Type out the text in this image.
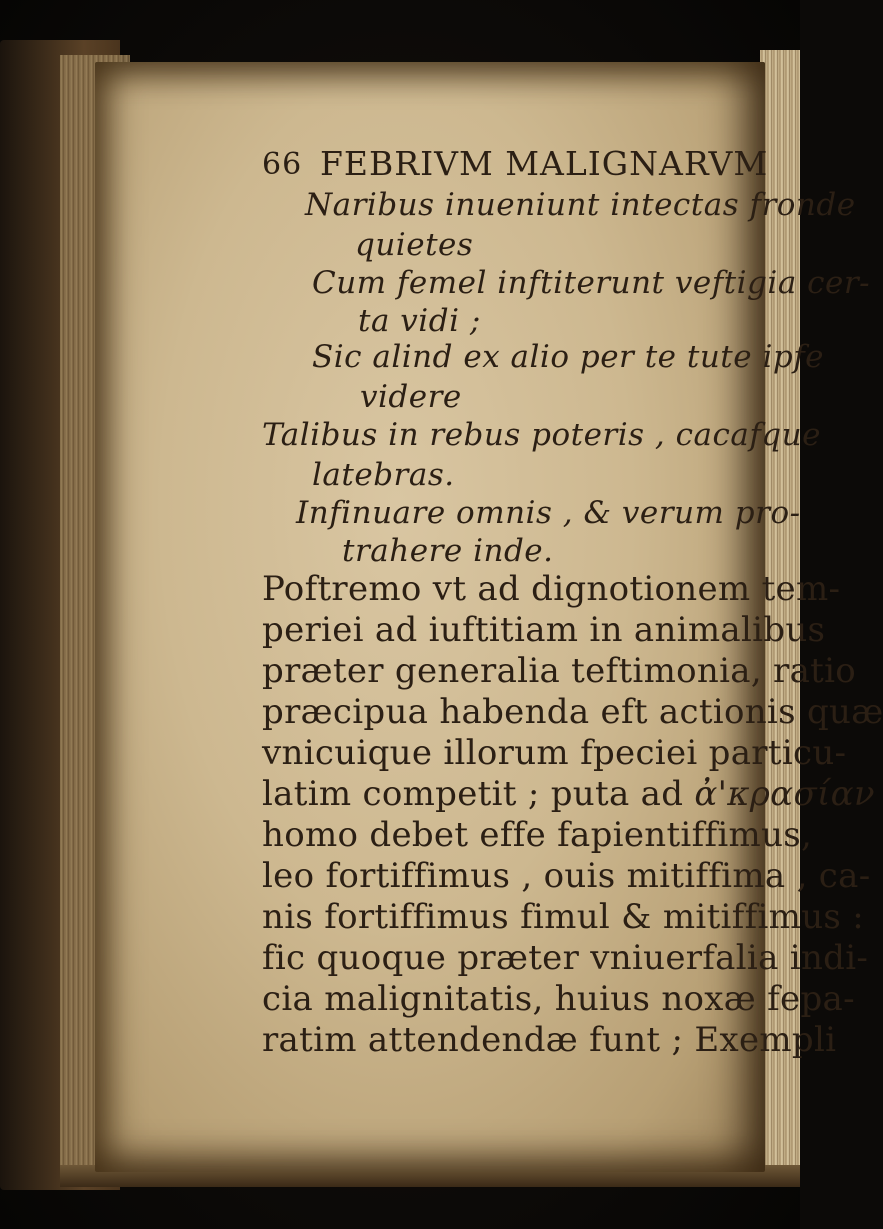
66 FEBRIVM MALIGNARVM
Naribus inueniunt intectas fronde
quietes
Cum femel inftiterunt veftigia cer-
ta vidi ;
Sic alind ex alio per te tute ipfe
videre
Talibus in rebus poteris , cacafque
latebras.
Infinuare omnis , & verum pro-
trahere inde.
Poftremo vt ad dignotionem tem-
periei ad iuftitiam in animalibus
præter generalia teftimonia, ratio
præcipua habenda eft actionis quæ
vnicuique illorum fpeciei particu-
latim competit ; puta ad ἀ'κρασίαν
homo debet effe fapientiffimus,
leo fortiffimus , ouis mitiffima , ca-
nis fortiffimus fimul & mitiffimus :
fic quoque præter vniuerfalia indi-
cia malignitatis, huius noxæ fepa-
ratim attendendæ funt ; Exempli
